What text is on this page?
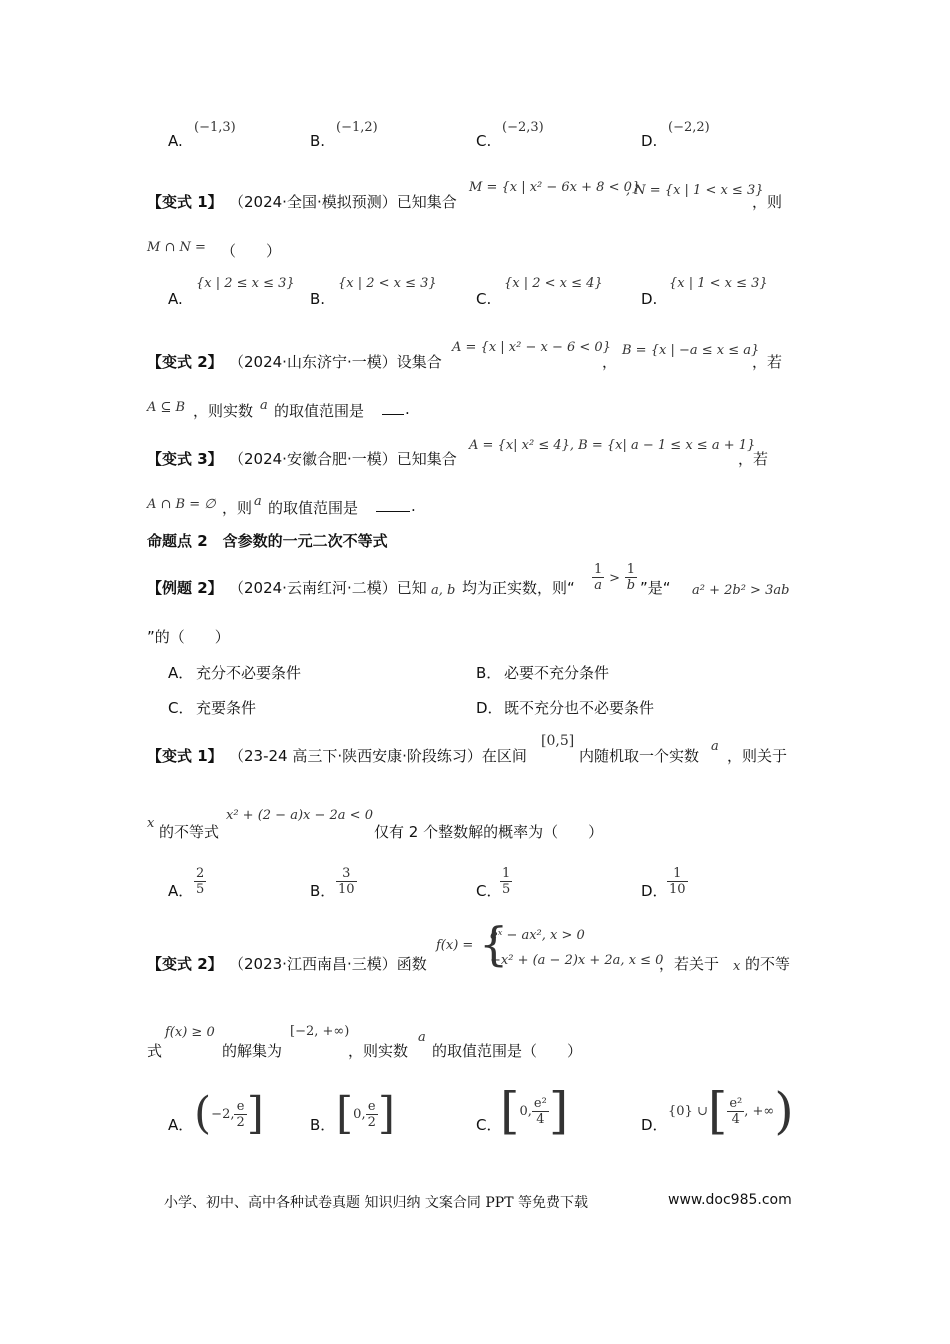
A.
(−1,3)
B.
(−1,2)
C.
(−2,3)
D.
(−2,2)
【变式 1】 （2024·全国·模拟预测）已知集合
M = {x | x² − 6x + 8 < 0}
, N = {x | 1 < x ≤ 3}
，则
M ∩ N = （　　）
A.
{x | 2 ≤ x ≤ 3}
B.
{x | 2 < x ≤ 3}
C.
{x | 2 < x ≤ 4}
D.
{x | 1 < x ≤ 3}
【变式 2】 （2024·山东济宁·一模）设集合
A = {x | x² − x − 6 < 0}
，
B = {x | −a ≤ x ≤ a}
，若
A ⊆ B ，则实数 a 的取值范围是	.
【变式 3】 （2024·安徽合肥·一模）已知集合
A = {x| x² ≤ 4}, B = {x| a − 1 ≤ x ≤ a + 1}
，若
A ∩ B = ∅ ，则 a 的取值范围是	.
命题点 2　含参数的一元二次不等式
【例题 2】 （2024·云南红河·二模）已知 a, b 均为正实数，则“ $\frac{1}{a} > \frac{1}{b}$ ”是“ a² + 2b² > 3ab
”的（　　）
A． 充分不必要条件	B． 必要不充分条件
C． 充要条件	D． 既不充分也不必要条件
【变式 1】 （23-24 高三下·陕西安康·阶段练习）在区间
[0,5]
内随机取一个实数
a
，则关于
x 的不等式
x² + (2 − a)x − 2a < 0
仅有 2 个整数解的概率为（　　）
A． $\frac{2}{5}$	B． $\frac{3}{10}$	C．
$\frac{1}{5}$	D． $\frac{1}{10}$
【变式 2】 （2023·江西南昌·三模）函数
f(x) = {
eˣ − ax², x > 0
−x² + (a − 2)x + 2a, x ≤ 0
，若关于 x 的不等
式
f(x) ≥ 0
的解集为
[−2, +∞)
，则实数
a
的取值范围是（　　）
A． ( −2, $\frac{e}{2}$ ]	B． [ 0, $\frac{e}{2}$ ]	C．
[ 0, $\frac{\text{e²}}{4}$ ]	D．
{0} ∪ [ $\frac{\text{e²}}{4}$ , +∞ )
小学、初中、高中各种试卷真题 知识归纳 文案合同 PPT 等免费下载	www.doc985.com
